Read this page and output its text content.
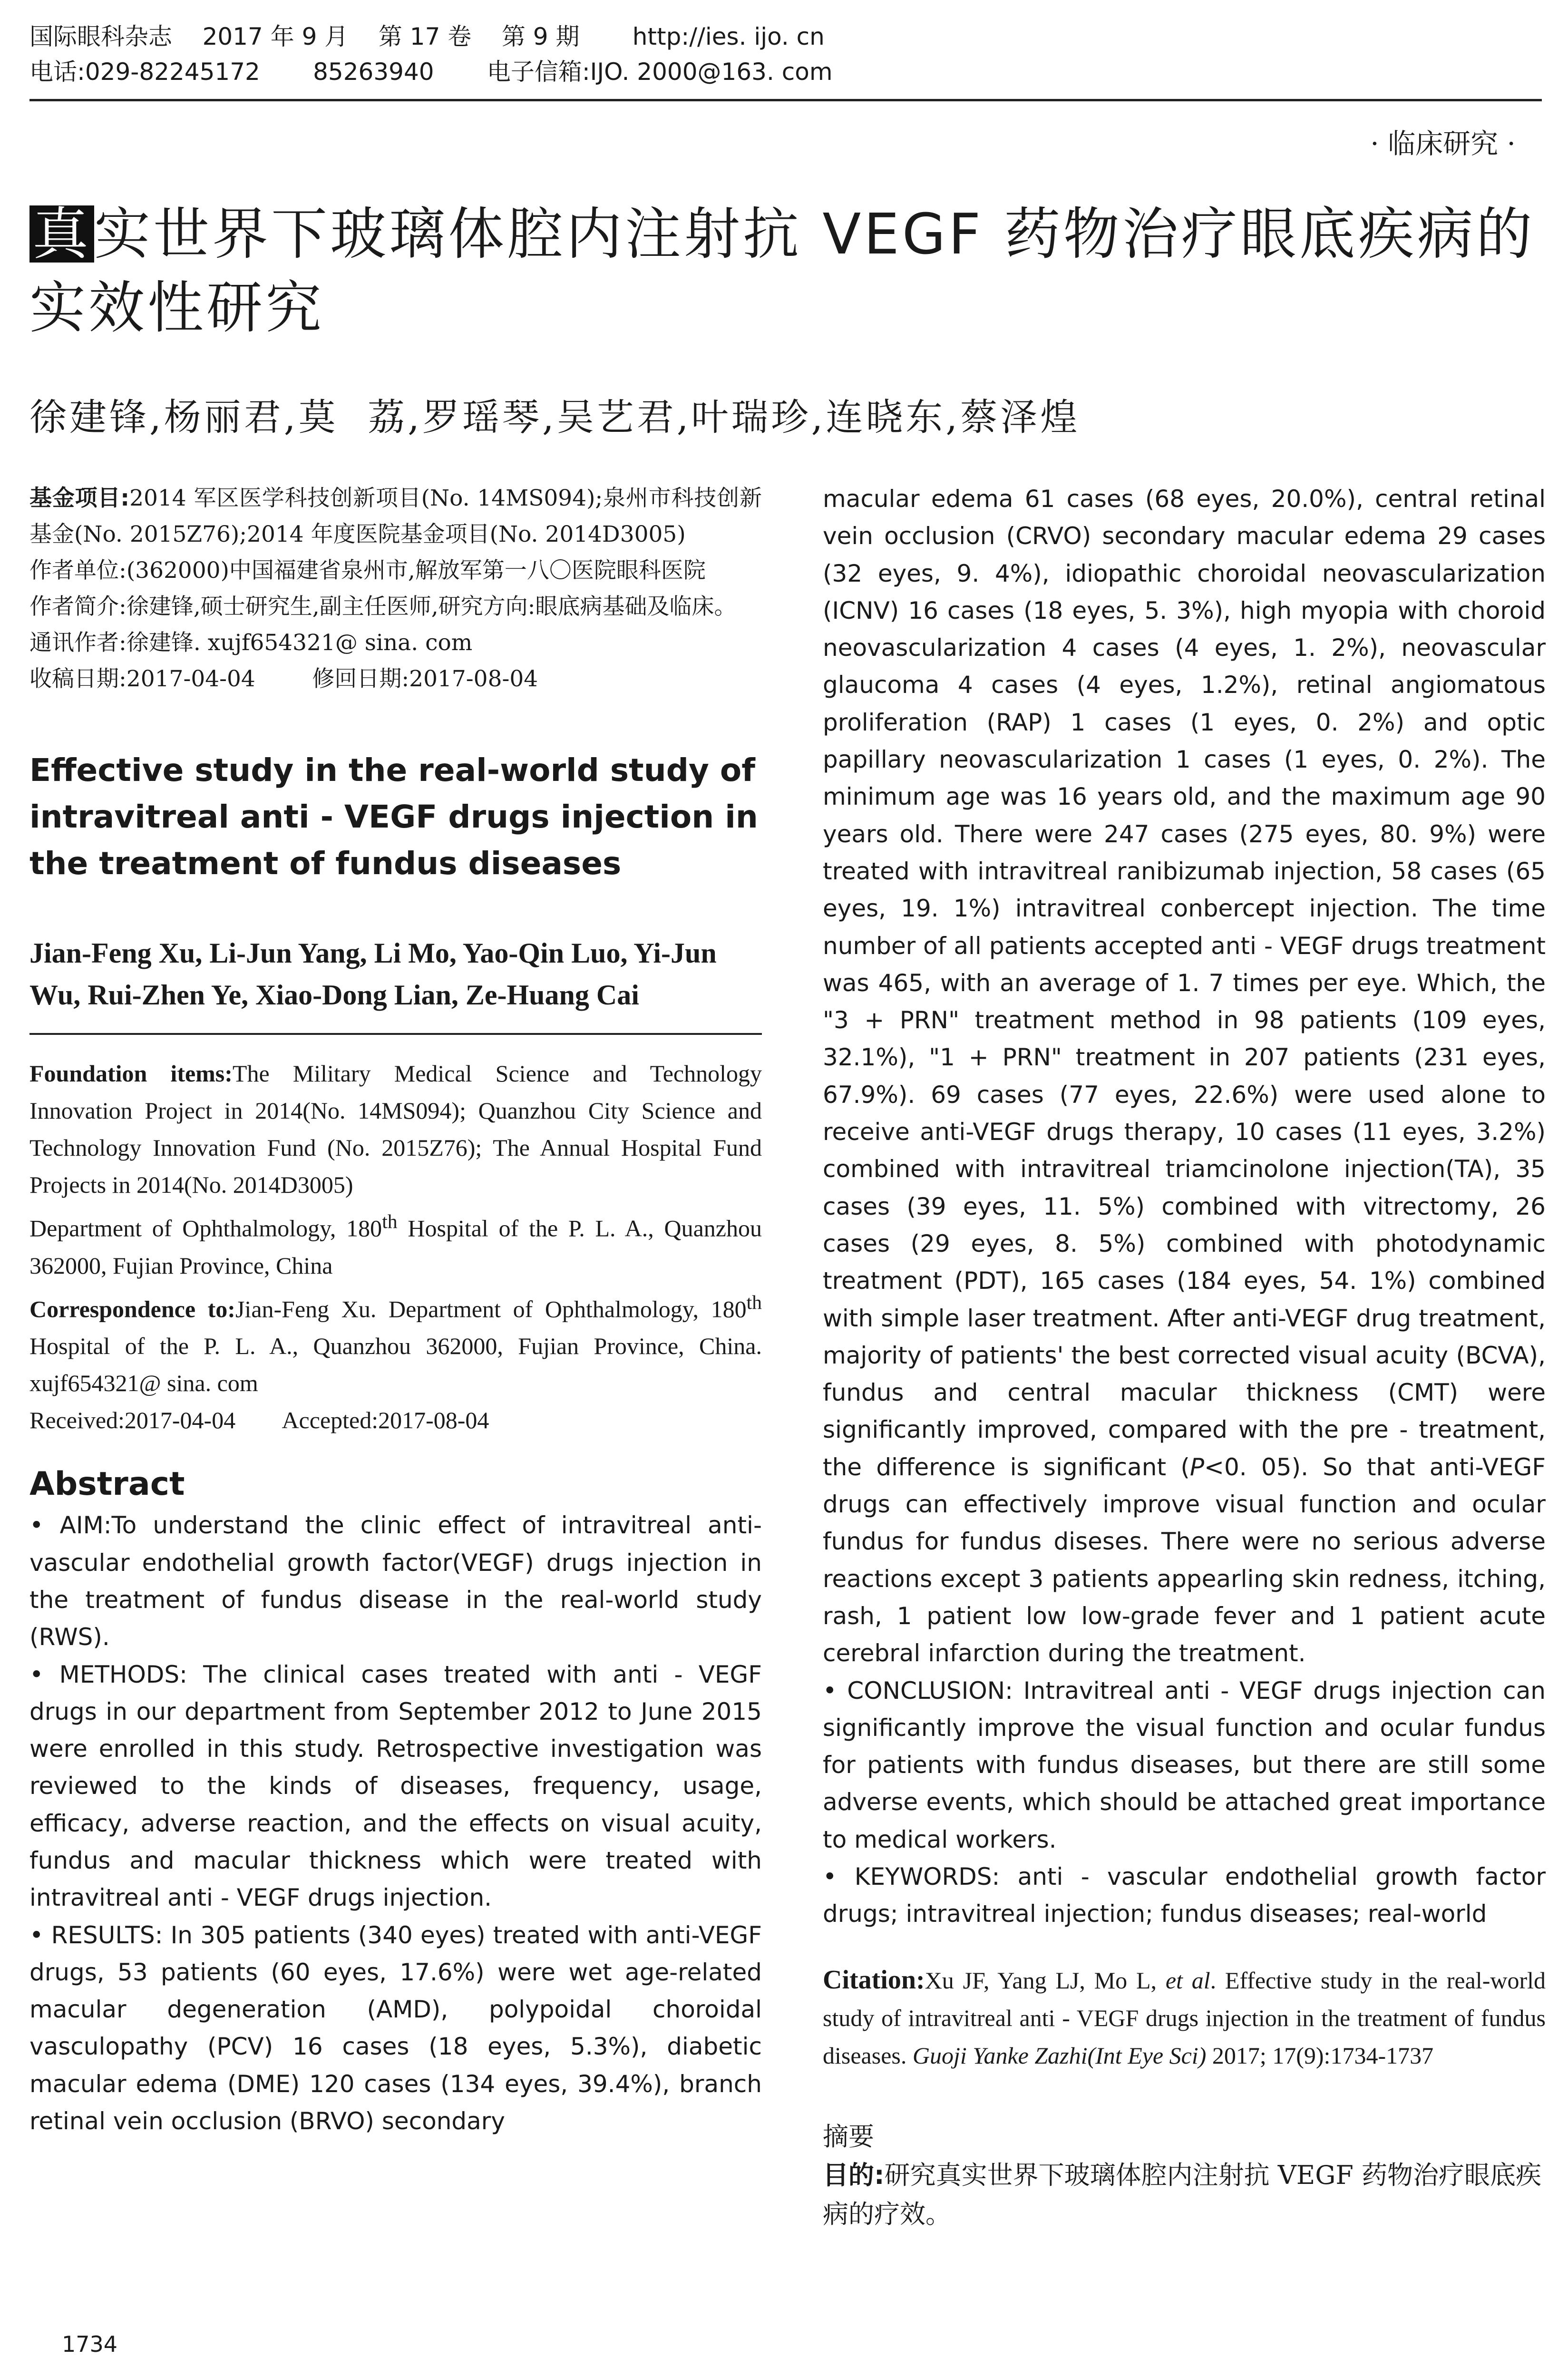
国际眼科杂志    2017 年 9 月    第 17 卷    第 9 期       http://ies. ijo. cn
电话:029-82245172       85263940       电子信箱:IJO. 2000@163. com
· 临床研究 ·
真实世界下玻璃体腔内注射抗 VEGF 药物治疗眼底疾病的实效性研究
徐建锋,杨丽君,莫  荔,罗瑶琴,吴艺君,叶瑞珍,连晓东,蔡泽煌

基金项目:2014 军区医学科技创新项目(No. 14MS094);泉州市科技创新基金(No. 2015Z76);2014 年度医院基金项目(No. 2014D3005)

作者单位:(362000)中国福建省泉州市,解放军第一八〇医院眼科医院

作者简介:徐建锋,硕士研究生,副主任医师,研究方向:眼底病基础及临床。

通讯作者:徐建锋. xujf654321@ sina. com

收稿日期:2017-04-04        修回日期:2017-08-04

Effective study in the real-world study of intravitreal anti - VEGF drugs injection in the treatment of fundus diseases
Jian-Feng Xu, Li-Jun Yang, Li Mo, Yao-Qin Luo, Yi-Jun Wu, Rui-Zhen Ye, Xiao-Dong Lian, Ze-Huang Cai

Foundation items:The Military Medical Science and Technology Innovation Project in 2014(No. 14MS094); Quanzhou City Science and Technology Innovation Fund (No. 2015Z76); The Annual Hospital Fund Projects in 2014(No. 2014D3005)

Department of Ophthalmology, 180th Hospital of the P. L. A., Quanzhou 362000, Fujian Province, China

Correspondence to:Jian-Feng Xu. Department of Ophthalmology, 180th Hospital of the P. L. A., Quanzhou 362000, Fujian Province, China. xujf654321@ sina. com

Received:2017-04-04        Accepted:2017-08-04

Abstract

• AIM:To understand the clinic effect of intravitreal anti-vascular endothelial growth factor(VEGF) drugs injection in the treatment of fundus disease in the real-world study (RWS).

• METHODS: The clinical cases treated with anti - VEGF drugs in our department from September 2012 to June 2015 were enrolled in this study. Retrospective investigation was reviewed to the kinds of diseases, frequency, usage, efficacy, adverse reaction, and the effects on visual acuity, fundus and macular thickness which were treated with intravitreal anti - VEGF drugs injection.

• RESULTS: In 305 patients (340 eyes) treated with anti-VEGF drugs, 53 patients (60 eyes, 17.6%) were wet age-related macular degeneration (AMD), polypoidal choroidal vasculopathy (PCV) 16 cases (18 eyes, 5.3%), diabetic macular edema (DME) 120 cases (134 eyes, 39.4%), branch retinal vein occlusion (BRVO) secondary

macular edema 61 cases (68 eyes, 20.0%), central retinal vein occlusion (CRVO) secondary macular edema 29 cases (32 eyes, 9. 4%), idiopathic choroidal neovascularization (ICNV) 16 cases (18 eyes, 5. 3%), high myopia with choroid neovascularization 4 cases (4 eyes, 1. 2%), neovascular glaucoma 4 cases (4 eyes, 1.2%), retinal angiomatous proliferation (RAP) 1 cases (1 eyes, 0. 2%) and optic papillary neovascularization 1 cases (1 eyes, 0. 2%). The minimum age was 16 years old, and the maximum age 90 years old. There were 247 cases (275 eyes, 80. 9%) were treated with intravitreal ranibizumab injection, 58 cases (65 eyes, 19. 1%) intravitreal conbercept injection. The time number of all patients accepted anti - VEGF drugs treatment was 465, with an average of 1. 7 times per eye. Which, the "3 + PRN" treatment method in 98 patients (109 eyes, 32.1%), "1 + PRN" treatment in 207 patients (231 eyes, 67.9%). 69 cases (77 eyes, 22.6%) were used alone to receive anti-VEGF drugs therapy, 10 cases (11 eyes, 3.2%) combined with intravitreal triamcinolone injection(TA), 35 cases (39 eyes, 11. 5%) combined with vitrectomy, 26 cases (29 eyes, 8. 5%) combined with photodynamic treatment (PDT), 165 cases (184 eyes, 54. 1%) combined with simple laser treatment. After anti-VEGF drug treatment, majority of patients' the best corrected visual acuity (BCVA), fundus and central macular thickness (CMT) were significantly improved, compared with the pre - treatment, the difference is significant (P<0. 05). So that anti-VEGF drugs can effectively improve visual function and ocular fundus for fundus diseses. There were no serious adverse reactions except 3 patients appearling skin redness, itching, rash, 1 patient low low-grade fever and 1 patient acute cerebral infarction during the treatment.

• CONCLUSION: Intravitreal anti - VEGF drugs injection can significantly improve the visual function and ocular fundus for patients with fundus diseases, but there are still some adverse events, which should be attached great importance to medical workers.

• KEYWORDS: anti - vascular endothelial growth factor drugs; intravitreal injection; fundus diseases; real-world

Citation:Xu JF, Yang LJ, Mo L, et al. Effective study in the real-world study of intravitreal anti - VEGF drugs injection in the treatment of fundus diseases. Guoji Yanke Zazhi(Int Eye Sci) 2017; 17(9):1734-1737

摘要

目的:研究真实世界下玻璃体腔内注射抗 VEGF 药物治疗眼底疾病的疗效。

1734
